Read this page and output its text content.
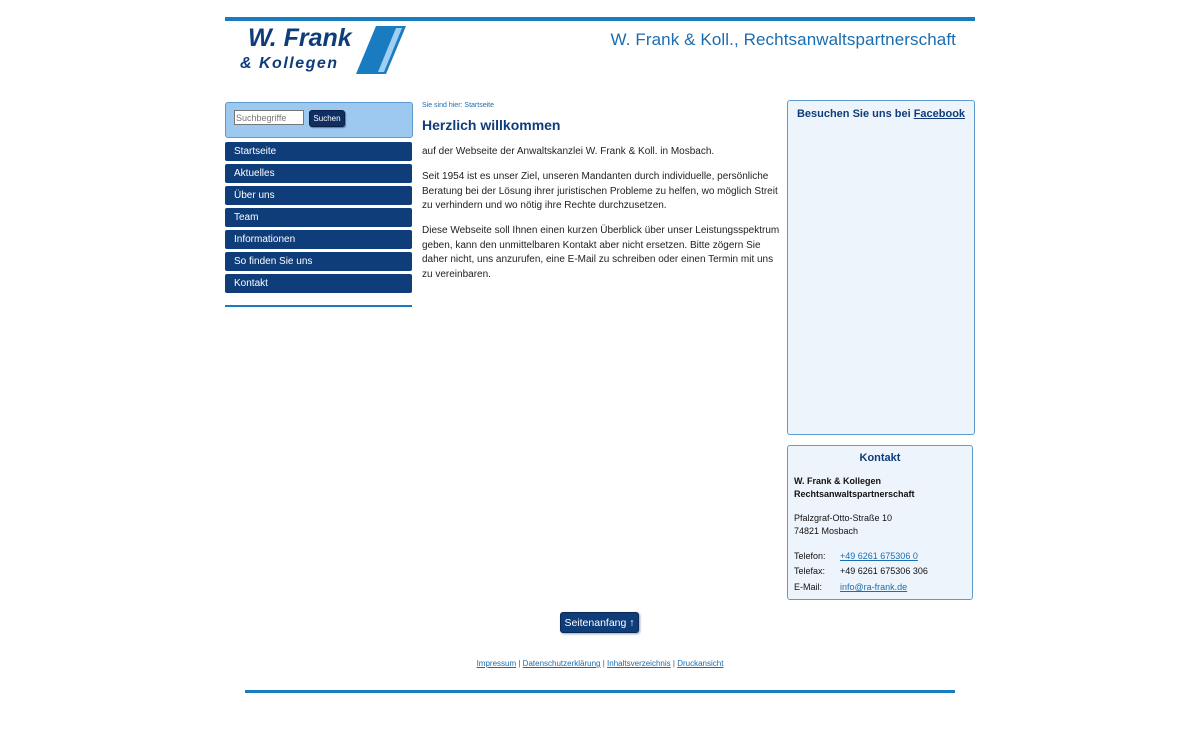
W. Frank
& Kollegen
W. Frank & Koll., Rechtsanwaltspartnerschaft
Suchbegriffe
Suchen
Startseite
Aktuelles
Über uns
Team
Informationen
So finden Sie uns
Kontakt
Sie sind hier: Startseite
Herzlich willkommen

auf der Webseite der Anwaltskanzlei W. Frank & Koll. in Mosbach.

Seit 1954 ist es unser Ziel, unseren Mandanten durch individuelle, persönliche Beratung bei der Lösung ihrer juristischen Probleme zu helfen, wo möglich Streit zu verhindern und wo nötig ihre Rechte durchzusetzen.

Diese Webseite soll Ihnen einen kurzen Überblick über unser Leistungsspektrum geben, kann den unmittelbaren Kontakt aber nicht ersetzen. Bitte zögern Sie daher nicht, uns anzurufen, eine E-Mail zu schreiben oder einen Termin mit uns zu vereinbaren.

Besuchen Sie uns bei Facebook
Kontakt
W. Frank & Kollegen
Rechtsanwaltspartnerschaft
Pfalzgraf-Otto-Straße 10
74821 Mosbach
Telefon:	+49 6261 675306 0
Telefax:	+49 6261 675306 306
E-Mail:	info@ra-frank.de
Seitenanfang ↑
Impressum | Datenschutzerklärung | Inhaltsverzeichnis | Druckansicht
